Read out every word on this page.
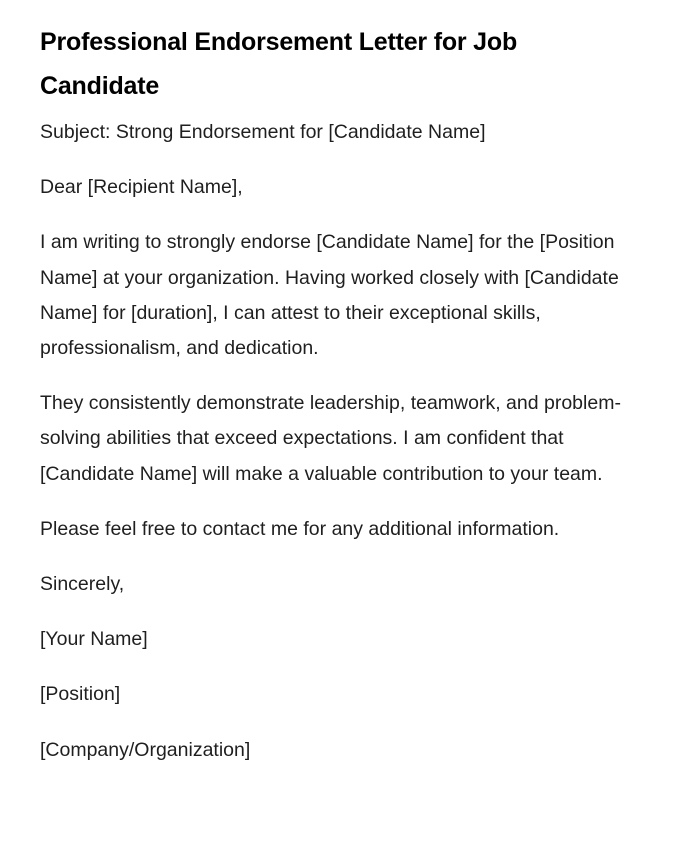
Professional Endorsement Letter for Job Candidate

Subject: Strong Endorsement for [Candidate Name]

Dear [Recipient Name],

I am writing to strongly endorse [Candidate Name] for the [Position Name] at your organization. Having worked closely with [Candidate Name] for [duration], I can attest to their exceptional skills, professionalism, and dedication.

They consistently demonstrate leadership, teamwork, and problem-solving abilities that exceed expectations. I am confident that [Candidate Name] will make a valuable contribution to your team.

Please feel free to contact me for any additional information.

Sincerely,

[Your Name]

[Position]

[Company/Organization]
